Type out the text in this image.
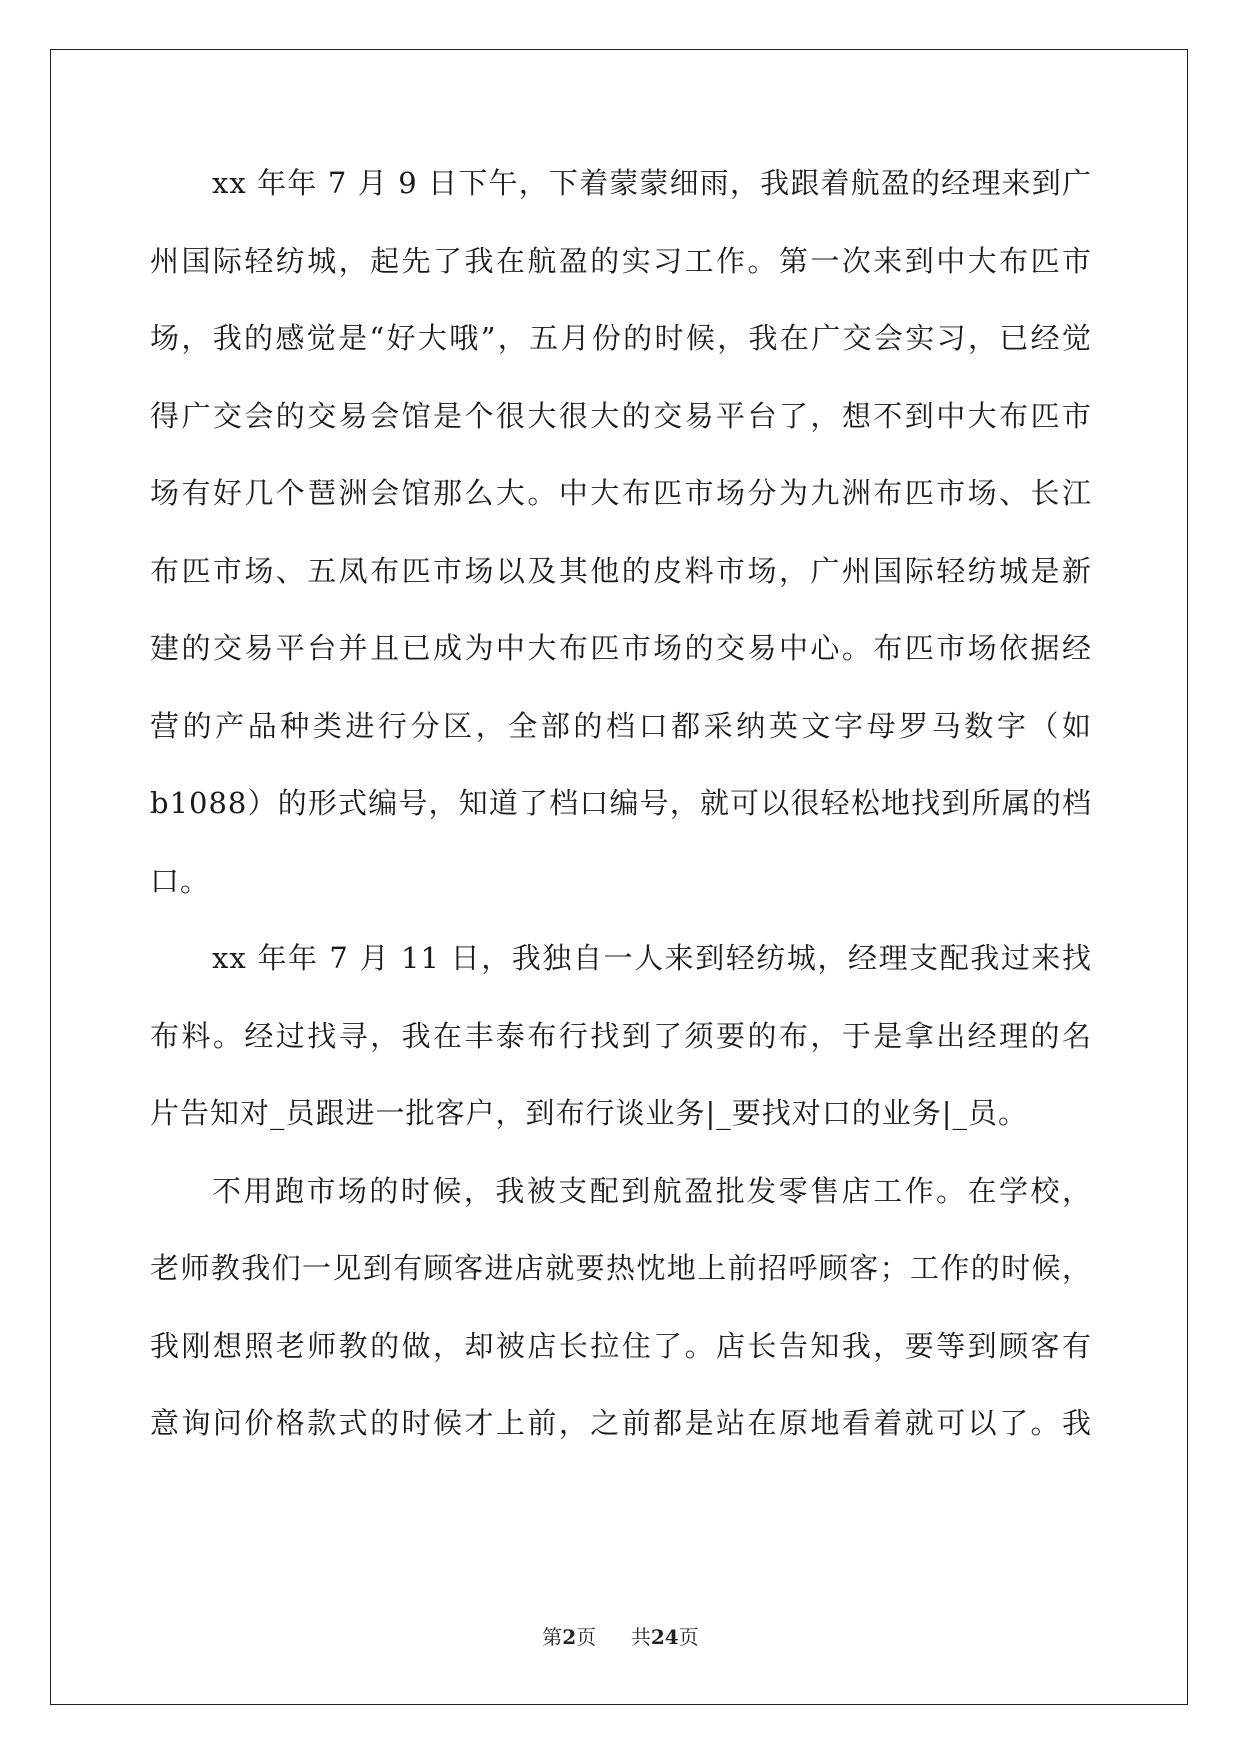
xx 年年 7 月 9 日下午，下着蒙蒙细雨，我跟着航盈的经理来到广
州国际轻纺城，起先了我在航盈的实习工作。第一次来到中大布匹市
场，我的感觉是“好大哦”，五月份的时候，我在广交会实习，已经觉
得广交会的交易会馆是个很大很大的交易平台了，想不到中大布匹市
场有好几个琶洲会馆那么大。中大布匹市场分为九洲布匹市场、长江
布匹市场、五凤布匹市场以及其他的皮料市场，广州国际轻纺城是新
建的交易平台并且已成为中大布匹市场的交易中心。布匹市场依据经
营的产品种类进行分区，全部的档口都采纳英文字母罗马数字（如
b1088）的形式编号，知道了档口编号，就可以很轻松地找到所属的档
口。
xx 年年 7 月 11 日，我独自一人来到轻纺城，经理支配我过来找
布料。经过找寻，我在丰泰布行找到了须要的布，于是拿出经理的名
片告知对_员跟进一批客户，到布行谈业务|_要找对口的业务|_员。
不用跑市场的时候，我被支配到航盈批发零售店工作。在学校，
老师教我们一见到有顾客进店就要热忱地上前招呼顾客；工作的时候，
我刚想照老师教的做，却被店长拉住了。店长告知我，要等到顾客有
意询问价格款式的时候才上前，之前都是站在原地看着就可以了。我
第2页 共24页
